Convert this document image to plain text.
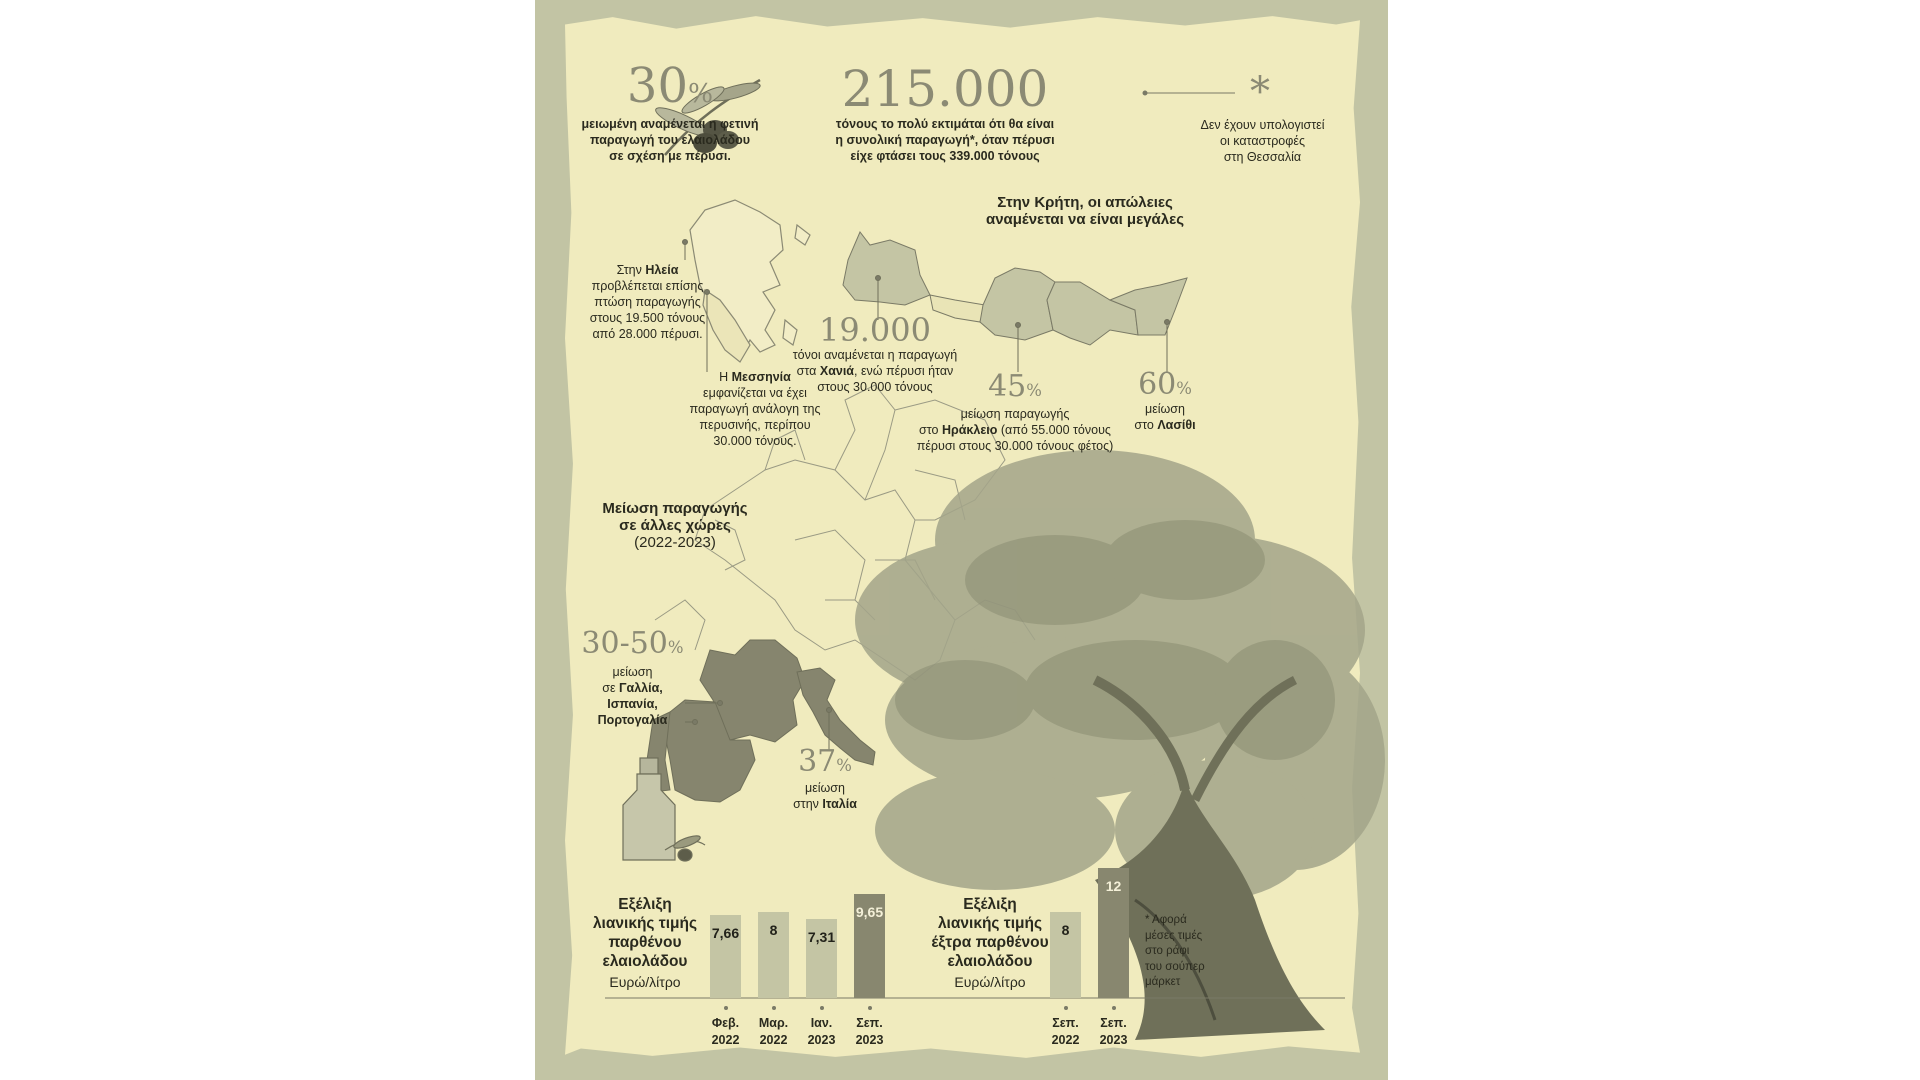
30%
μειωμένη αναμένεται η φετινή
παραγωγή του ελαιολάδου
σε σχέση με πέρυσι.
215.000
τόνους το πολύ εκτιμάται ότι θα είναι
η συνολική παραγωγή*, όταν πέρυσι
είχε φτάσει τους 339.000 τόνους
*
Δεν έχουν υπολογιστεί
οι καταστροφές
στη Θεσσαλία
Στην Ηλεία
προβλέπεται επίσης
πτώση παραγωγής
στους 19.500 τόνους
από 28.000 πέρυσι.
Η Μεσσηνία
εμφανίζεται να έχει
παραγωγή ανάλογη της
περυσινής, περίπου
30.000 τόνους.
Στην Κρήτη, οι απώλειες
αναμένεται να είναι μεγάλες
19.000
τόνοι αναμένεται η παραγωγή
στα Χανιά, ενώ πέρυσι ήταν
στους 30.000 τόνους	45%
μείωση παραγωγής
στο Ηράκλειο (από 55.000 τόνους
πέρυσι στους 30.000 τόνους φέτος)
60%
μείωση
στο Λασίθι
Μείωση παραγωγής
σε άλλες χώρες
(2022-2023)
30-50%
μείωση
σε Γαλλία,
Ισπανία,
Πορτογαλία
37%
μείωση
στην Ιταλία
Εξέλιξη
λιανικής τιμής
παρθένου
ελαιολάδου
Ευρώ/λίτρο
7,66
Φεβ.
2022
8
Μαρ.
2022
7,31
Ιαν.
2023
9,65
Σεπ.
2023
Εξέλιξη
λιανικής τιμής
έξτρα παρθένου
ελαιολάδου
Ευρώ/λίτρο
8
Σεπ.
2022
12
Σεπ.
2023
* Αφορά
μέσες τιμές
στο ράφι
του σούπερ
μάρκετ
